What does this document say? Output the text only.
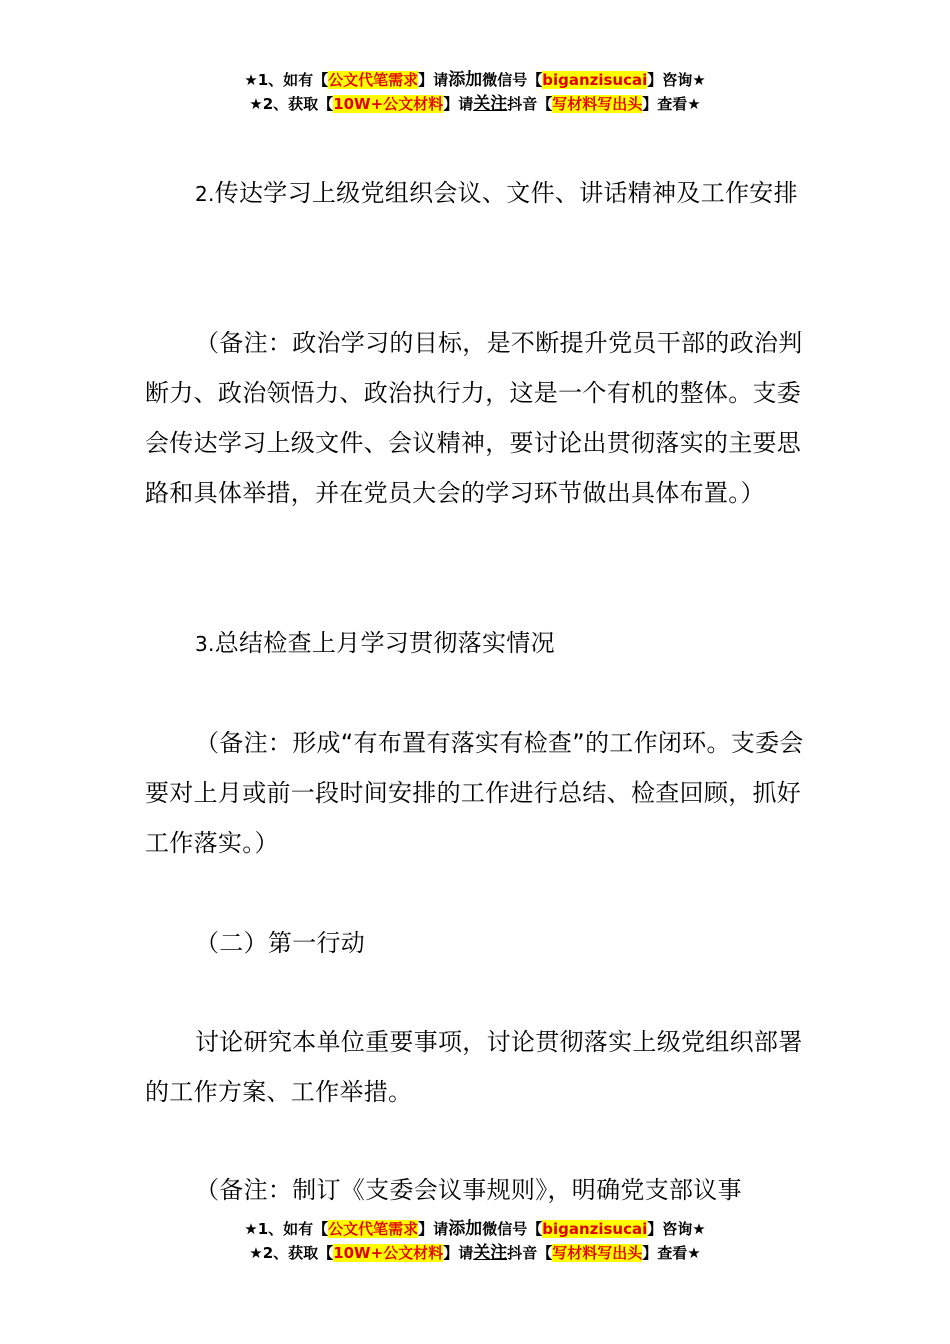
★1、如有【公文代笔需求】请添加微信号【biganzisucai】咨询★
★2、获取【10W+公文材料】请关注抖音【写材料写出头】查看★

2.传达学习上级党组织会议、文件、讲话精神及工作安排

（备注：政治学习的目标，是不断提升党员干部的政治判断力、政治领悟力、政治执行力，这是一个有机的整体。支委会传达学习上级文件、会议精神，要讨论出贯彻落实的主要思路和具体举措，并在党员大会的学习环节做出具体布置。）

3.总结检查上月学习贯彻落实情况

（备注：形成“有布置有落实有检查”的工作闭环。支委会要对上月或前一段时间安排的工作进行总结、检查回顾，抓好工作落实。）

（二）第一行动

讨论研究本单位重要事项，讨论贯彻落实上级党组织部署的工作方案、工作举措。

（备注：制订《支委会议事规则》，明确党支部议事

★1、如有【公文代笔需求】请添加微信号【biganzisucai】咨询★
★2、获取【10W+公文材料】请关注抖音【写材料写出头】查看★
